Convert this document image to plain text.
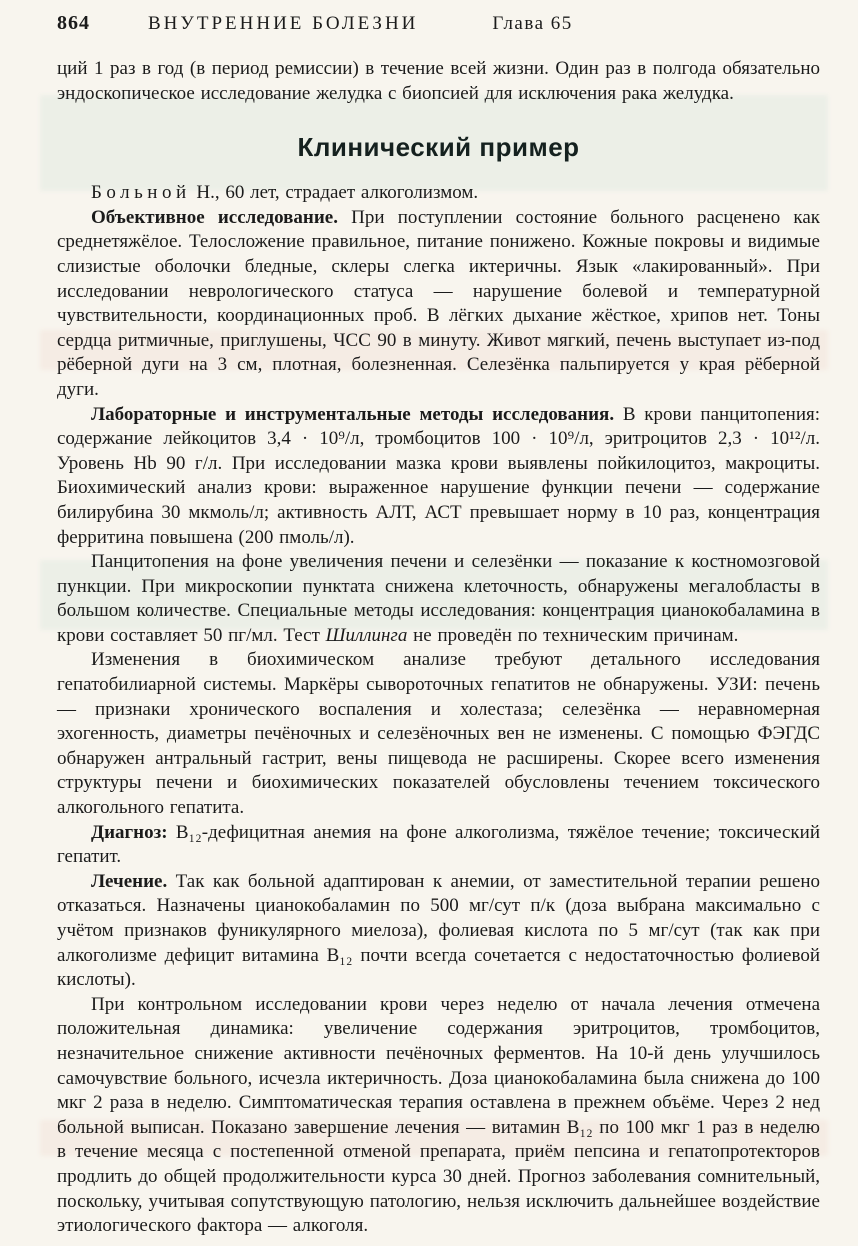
864	ВНУТРЕННИЕ БОЛЕЗНИ	Глава 65

ций 1 раз в год (в период ремиссии) в течение всей жизни. Один раз в полгода обязательно эндоскопическое исследование желудка с биопсией для исключения рака желудка.

Клинический пример

Больной Н., 60 лет, страдает алкоголизмом.

Объективное исследование. При поступлении состояние больного расценено как среднетяжёлое. Телосложение правильное, питание понижено. Кожные покровы и видимые слизистые оболочки бледные, склеры слегка иктеричны. Язык «лакированный». При исследовании неврологического статуса — нарушение болевой и температурной чувствительности, координационных проб. В лёгких дыхание жёсткое, хрипов нет. Тоны сердца ритмичные, приглушены, ЧСС 90 в минуту. Живот мягкий, печень выступает из-под рёберной дуги на 3 см, плотная, болезненная. Селезёнка пальпируется у края рёберной дуги.

Лабораторные и инструментальные методы исследования. В крови панцитопения: содержание лейкоцитов 3,4 · 10⁹/л, тромбоцитов 100 · 10⁹/л, эритроцитов 2,3 · 10¹²/л. Уровень Hb 90 г/л. При исследовании мазка крови выявлены пойкилоцитоз, макроциты. Биохимический анализ крови: выраженное нарушение функции печени — содержание билирубина 30 мкмоль/л; активность АЛТ, АСТ превышает норму в 10 раз, концентрация ферритина повышена (200 пмоль/л).

Панцитопения на фоне увеличения печени и селезёнки — показание к костномозговой пункции. При микроскопии пунктата снижена клеточность, обнаружены мегалобласты в большом количестве. Специальные методы исследования: концентрация цианокобаламина в крови составляет 50 пг/мл. Тест Шиллинга не проведён по техническим причинам.

Изменения в биохимическом анализе требуют детального исследования гепатобилиарной системы. Маркёры сывороточных гепатитов не обнаружены. УЗИ: печень — признаки хронического воспаления и холестаза; селезёнка — неравномерная эхогенность, диаметры печёночных и селезёночных вен не изменены. С помощью ФЭГДС обнаружен антральный гастрит, вены пищевода не расширены. Скорее всего изменения структуры печени и биохимических показателей обусловлены течением токсического алкогольного гепатита.

Диагноз: В₁₂-дефицитная анемия на фоне алкоголизма, тяжёлое течение; токсический гепатит.

Лечение. Так как больной адаптирован к анемии, от заместительной терапии решено отказаться. Назначены цианокобаламин по 500 мг/сут п/к (доза выбрана максимально с учётом признаков фуникулярного миелоза), фолиевая кислота по 5 мг/сут (так как при алкоголизме дефицит витамина В₁₂ почти всегда сочетается с недостаточностью фолиевой кислоты).

При контрольном исследовании крови через неделю от начала лечения отмечена положительная динамика: увеличение содержания эритроцитов, тромбоцитов, незначительное снижение активности печёночных ферментов. На 10-й день улучшилось самочувствие больного, исчезла иктеричность. Доза цианокобаламина была снижена до 100 мкг 2 раза в неделю. Симптоматическая терапия оставлена в прежнем объёме. Через 2 нед больной выписан. Показано завершение лечения — витамин В₁₂ по 100 мкг 1 раз в неделю в течение месяца с постепенной отменой препарата, приём пепсина и гепатопротекторов продлить до общей продолжительности курса 30 дней. Прогноз заболевания сомнительный, поскольку, учитывая сопутствующую патологию, нельзя исключить дальнейшее воздействие этиологического фактора — алкоголя.
